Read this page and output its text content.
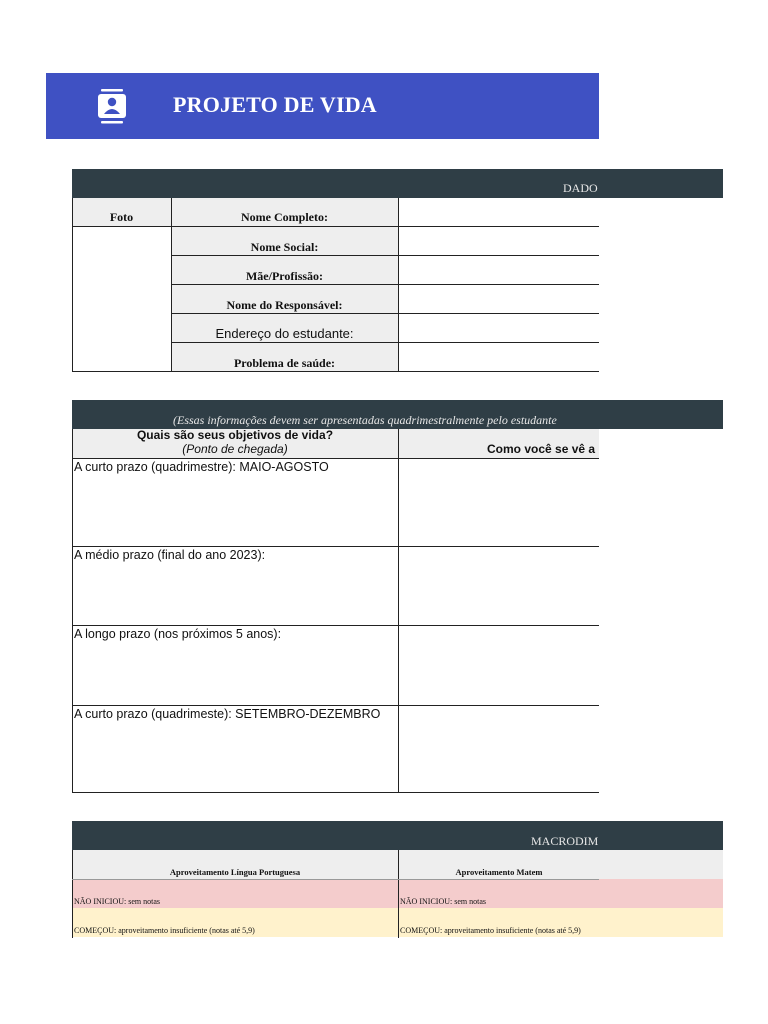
PROJETO DE VIDA
DADO
Foto	Nome Completo:
Nome Social:
Mãe/Profissão:
Nome do Responsável:
Endereço do estudante:
Problema de saúde:
(Essas informações devem ser apresentadas quadrimestralmente pelo estudante
Quais são seus objetivos de vida?
(Ponto de chegada)	Como você se vê a
A curto prazo (quadrimestre): MAIO-AGOSTO
A médio prazo (final do ano 2023):
A longo prazo (nos próximos 5 anos):
A curto prazo (quadrimeste): SETEMBRO-DEZEMBRO
MACRODIM
Aproveitamento Língua Portuguesa	Aproveitamento Matem
NÃO INICIOU: sem notas	NÃO INICIOU: sem notas
COMEÇOU: aproveitamento insuficiente (notas até 5,9)	COMEÇOU: aproveitamento insuficiente (notas até 5,9)
